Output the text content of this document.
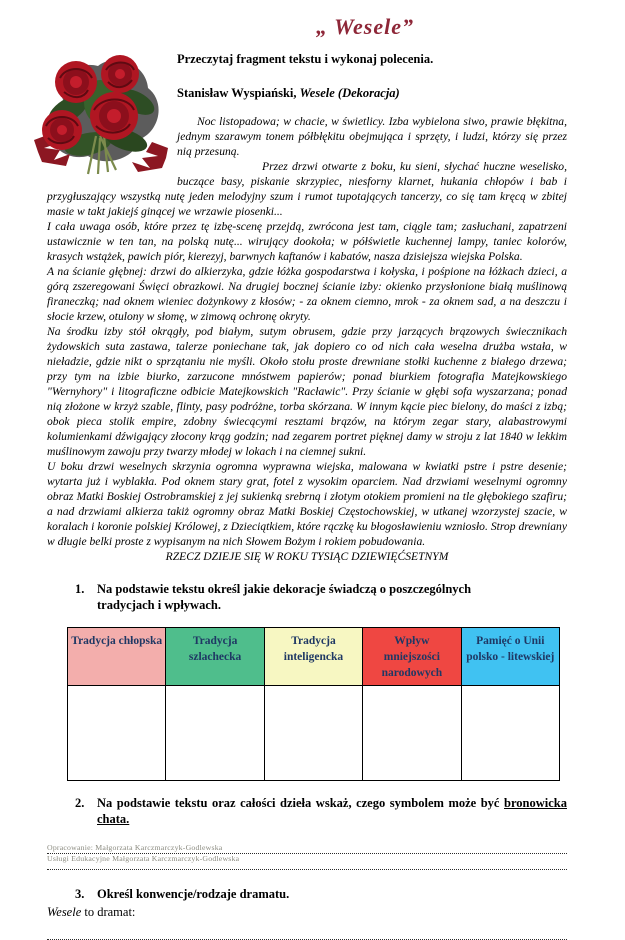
„ Wesele”
Przeczytaj fragment tekstu i wykonaj polecenia.
Stanisław Wyspiański, Wesele (Dekoracja)

Noc listopadowa; w chacie, w świetlicy. Izba wybielona siwo, prawie błękitna, jednym szarawym tonem półbłękitu obejmująca i sprzęty, i ludzi, którzy się przez nią przesuną.

Przez drzwi otwarte z boku, ku sieni, słychać huczne weselisko, buczące basy, piskanie skrzypiec, niesforny klarnet, hukania chłopów i bab i przygłuszający wszystką nutę jeden melodyjny szum i rumot tupotających tancerzy, co się tam kręcą w zbitej masie w takt jakiejś ginącej we wrzawie piosenki...

I cała uwaga osób, które przez tę izbę-scenę przejdą, zwrócona jest tam, ciągle tam; zasłuchani, zapatrzeni ustawicznie w ten tan, na polską nutę... wirujący dookoła; w półświetle kuchennej lampy, taniec kolorów, krasych wstążek, pawich piór, kierezyj, barwnych kaftanów i kabatów, nasza dzisiejsza wiejska Polska.

A na ścianie głębnej: drzwi do alkierzyka, gdzie łóżka gospodarstwa i kołyska, i pośpione na łóżkach dzieci, a górą zszeregowani Święci obrazkowi. Na drugiej bocznej ścianie izby: okienko przysłonione białą muślinową firaneczką; nad oknem wieniec dożynkowy z kłosów; - za oknem ciemno, mrok - za oknem sad, a na deszczu i słocie krzew, otulony w słomę, w zimową ochronę okryty.

Na środku izby stół okrągły, pod białym, sutym obrusem, gdzie przy jarzących brązowych świecznikach żydowskich suta zastawa, talerze poniechane tak, jak dopiero co od nich cała weselna drużba wstała, w nieładzie, gdzie nikt o sprzątaniu nie myśli. Około stołu proste drewniane stołki kuchenne z białego drzewa; przy tym na izbie biurko, zarzucone mnóstwem papierów; ponad biurkiem fotografia Matejkowskiego "Wernyhory" i litograficzne odbicie Matejkowskich "Racławic". Przy ścianie w głębi sofa wyszarzana; ponad nią złożone w krzyż szable, flinty, pasy podróżne, torba skórzana. W innym kącie piec bielony, do maści z izbą; obok pieca stolik empire, zdobny świecącymi resztami brązów, na którym zegar stary, alabastrowymi kolumienkami dźwigający złocony krąg godzin; nad zegarem portret pięknej damy w stroju z lat 1840 w lekkim muślinowym zawoju przy twarzy młodej w lokach i na ciemnej sukni.

U boku drzwi weselnych skrzynia ogromna wyprawna wiejska, malowana w kwiatki pstre i pstre desenie; wytarta już i wyblakła. Pod oknem stary grat, fotel z wysokim oparciem. Nad drzwiami weselnymi ogromny obraz Matki Boskiej Ostrobramskiej z jej sukienką srebrną i złotym otokiem promieni na tle głębokiego szafiru; a nad drzwiami alkierza takiż ogromny obraz Matki Boskiej Częstochowskiej, w utkanej wzorzystej szacie, w koralach i koronie polskiej Królowej, z Dzieciątkiem, które rączkę ku błogosławieniu wzniosło. Strop drewniany w długie belki proste z wypisanym na nich Słowem Bożym i rokiem pobudowania.

RZECZ DZIEJE SIĘ W ROKU TYSIĄC DZIEWIĘĆSETNYM
1.	Na podstawie tekstu określ jakie dekoracje świadczą o poszczególnych tradycjach i wpływach.
Tradycja chłopska	Tradycja szlachecka	Tradycja inteligencka	Wpływ mniejszości narodowych	Pamięć o Unii polsko - litewskiej

2.	Na podstawie tekstu oraz całości dzieła wskaż, czego symbolem może być bronowicka chata.
3.	Określ konwencje/rodzaje dramatu.
Wesele to dramat:
Opracowanie: Małgorzata Karczmarczyk-Godlewska
Usługi Edukacyjne Małgorzata Karczmarczyk-Godlewska
